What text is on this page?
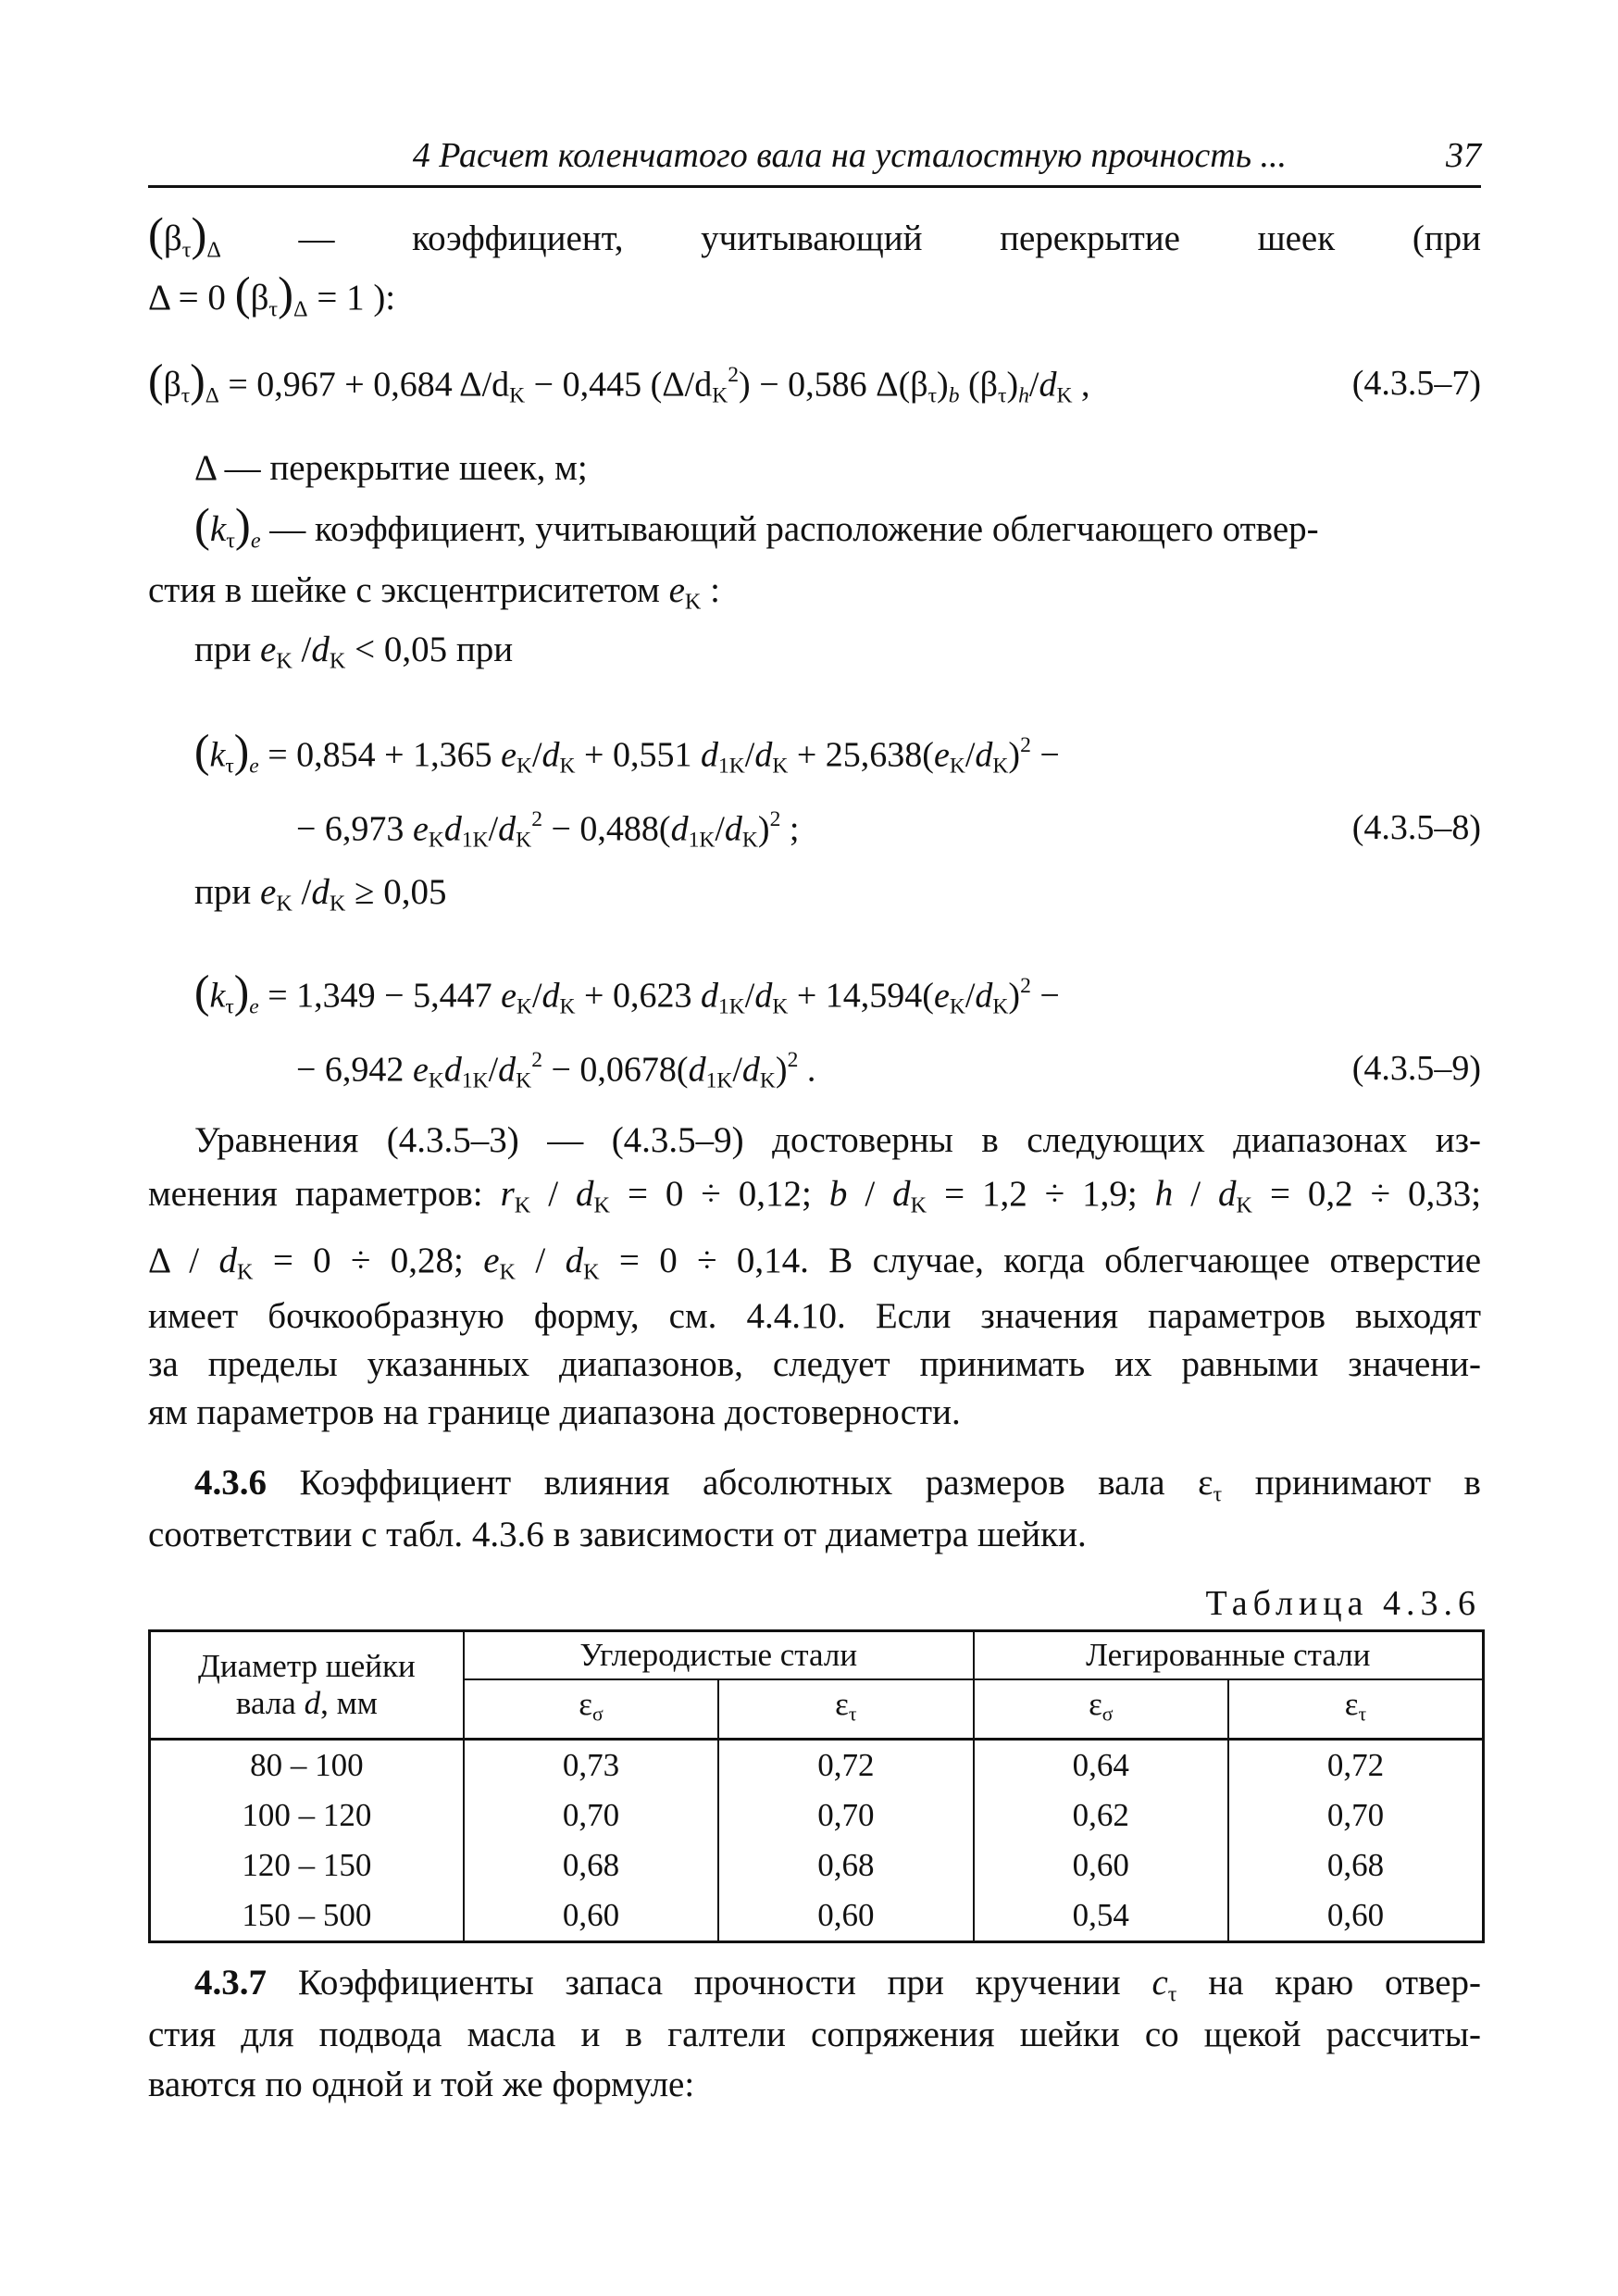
4 Расчет коленчатого вала на усталостную прочность ...	37
$(\beta_\tau)_\Delta$ — коэффициент, учитывающий перекрытие шеек (при
Δ = 0 $(\beta_\tau)_\Delta = 1$ ):
$(\beta_\tau)_\Delta = 0,967 + 0,684$ $\Delta/d_K - 0,445$ $(\Delta/d_K^2) - 0,586$ $\Delta(\beta_\tau)_b$ $(\beta_\tau)_h/d_K$ ,	(4.3.5–7)
Δ — перекрытие шеек, м;
$(k_\tau)_e$ — коэффициент, учитывающий расположение облегчающего отвер-
стия в шейке с эксцентриситетом $e_K$ :
при $e_K$ $/d_K < 0,05$ при
$(k_\tau)_e = 0,854 + 1,365$ $e_K/d_K + 0,551$ $d_{1K}/d_K + 25,638(e_K/d_K)^2$ −
− 6,973 $e_Kd_{1K}/d_K^2 - 0,488(d_{1K}/d_K)^2$ ;	(4.3.5–8)
при $e_K$ $/d_K \ge 0,05$
$(k_\tau)_e = 1,349 - 5,447$ $e_K/d_K + 0,623$ $d_{1K}/d_K + 14,594(e_K/d_K)^2$ −
− 6,942 $e_Kd_{1K}/d_K^2 - 0,0678(d_{1K}/d_K)^2$ .	(4.3.5–9)
Уравнения (4.3.5–3) — (4.3.5–9) достоверны в следующих диапазонах из-
менения параметров: $r_K / d_K = 0 \div 0,12$; $b / d_K = 1,2 \div 1,9$; $h / d_K = 0,2 \div 0,33$;
$\Delta / d_K = 0 \div 0,28$; $e_K / d_K = 0 \div 0,14$. В случае, когда облегчающее отверстие
имеет бочкообразную форму, см. 4.4.10. Если значения параметров выходят
за пределы указанных диапазонов, следует принимать их равными значени-
ям параметров на границе диапазона достоверности.
4.3.6 Коэффициент влияния абсолютных размеров вала $\varepsilon_\tau$ принимают в
соответствии с табл. 4.3.6 в зависимости от диаметра шейки.
Таблица 4.3.6
Диаметр шейки
вала d, мм	Углеродистые стали		Легированные стали	
	$\varepsilon_\sigma$	$\varepsilon_\tau$	$\varepsilon_\sigma$	$\varepsilon_\tau$
80 – 100	0,73	0,72	0,64	0,72
100 – 120	0,70	0,70	0,62	0,70
120 – 150	0,68	0,68	0,60	0,68
150 – 500	0,60	0,60	0,54	0,60
4.3.7 Коэффициенты запаса прочности при кручении $c_\tau$ на краю отвер-
стия для подвода масла и в галтели сопряжения шейки со щекой рассчиты-
ваются по одной и той же формуле:
